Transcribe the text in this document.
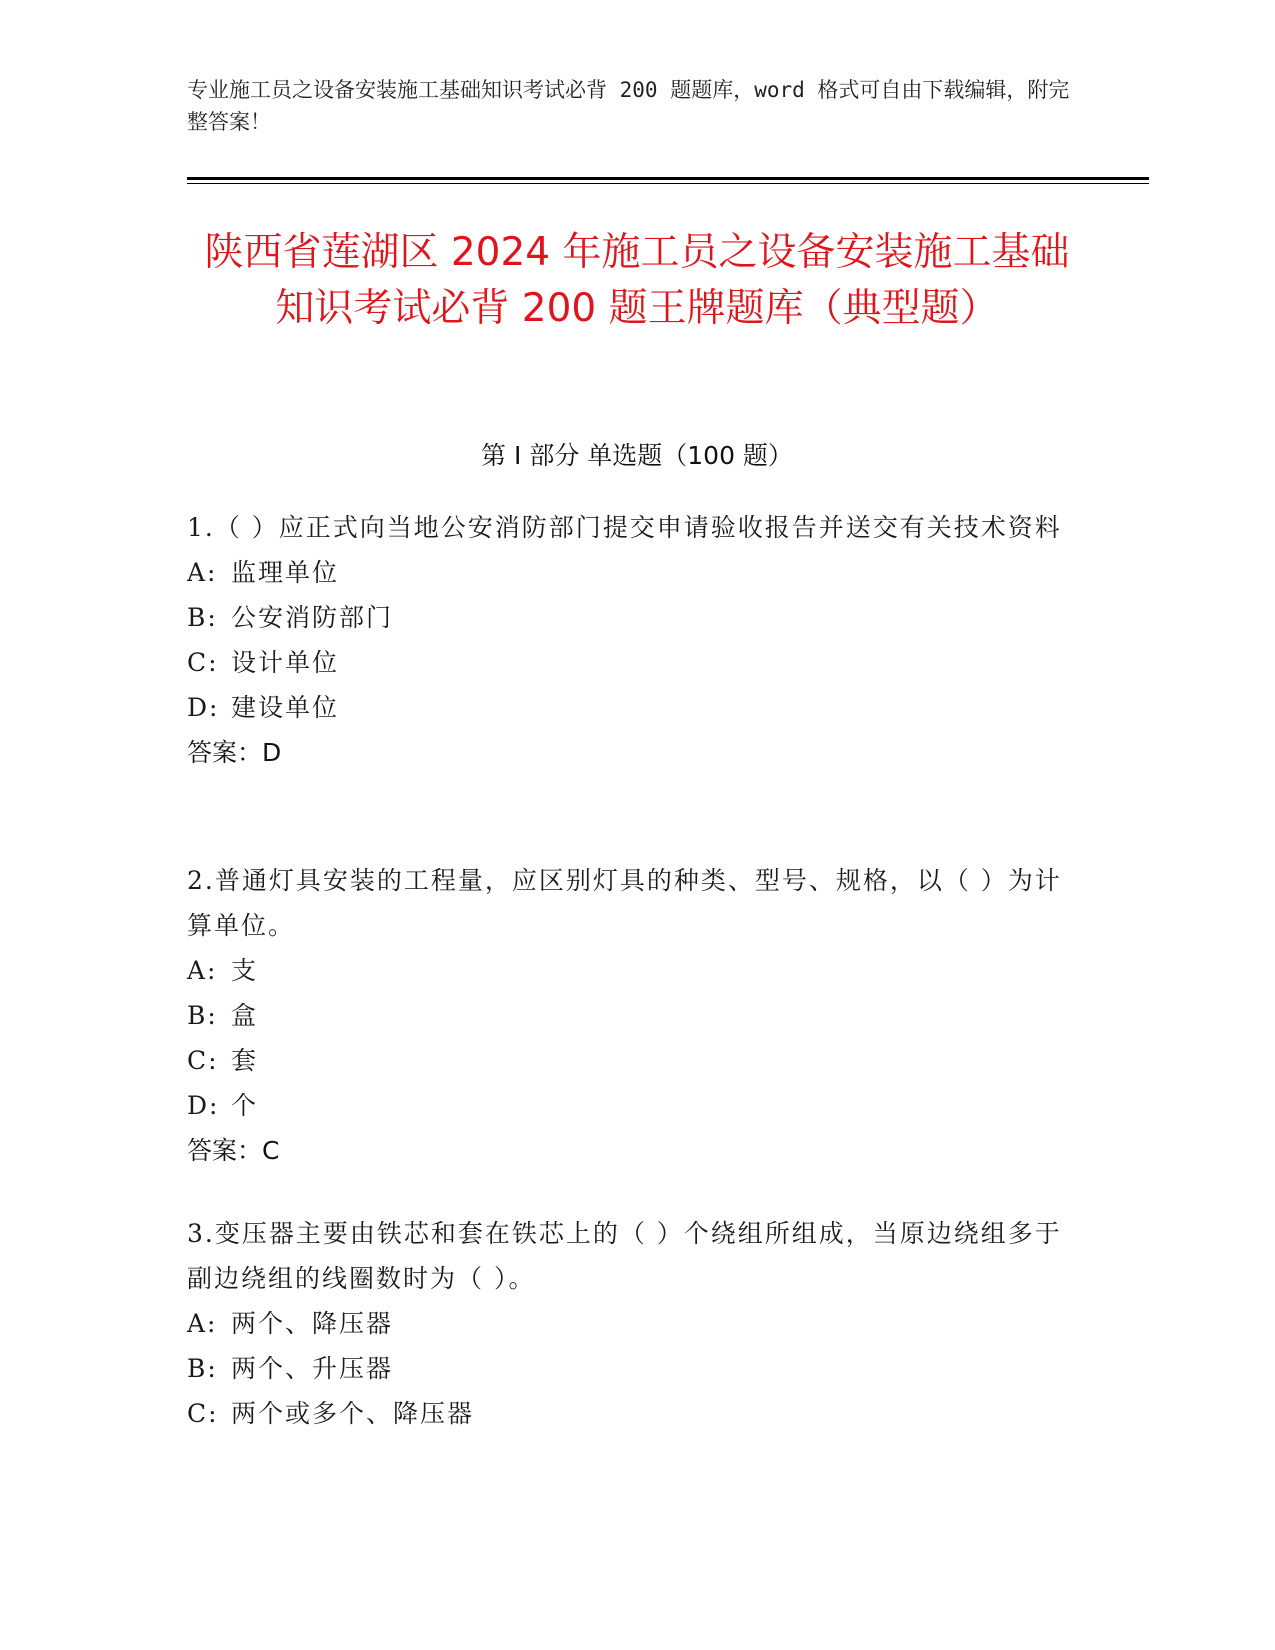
专业施工员之设备安装施工基础知识考试必背 200 题题库，word 格式可自由下载编辑，附完整答案！
陕西省莲湖区 2024 年施工员之设备安装施工基础知识考试必背 200 题王牌题库（典型题）
第 I 部分 单选题（100 题）
1.（ ）应正式向当地公安消防部门提交申请验收报告并送交有关技术资料
A: 监理单位
B: 公安消防部门
C: 设计单位
D: 建设单位
答案：D
2.普通灯具安装的工程量，应区别灯具的种类、型号、规格，以（ ）为计算单位。
A: 支
B: 盒
C: 套
D: 个
答案：C
3.变压器主要由铁芯和套在铁芯上的（ ）个绕组所组成，当原边绕组多于副边绕组的线圈数时为（ ）。
A: 两个、降压器
B: 两个、升压器
C: 两个或多个、降压器
